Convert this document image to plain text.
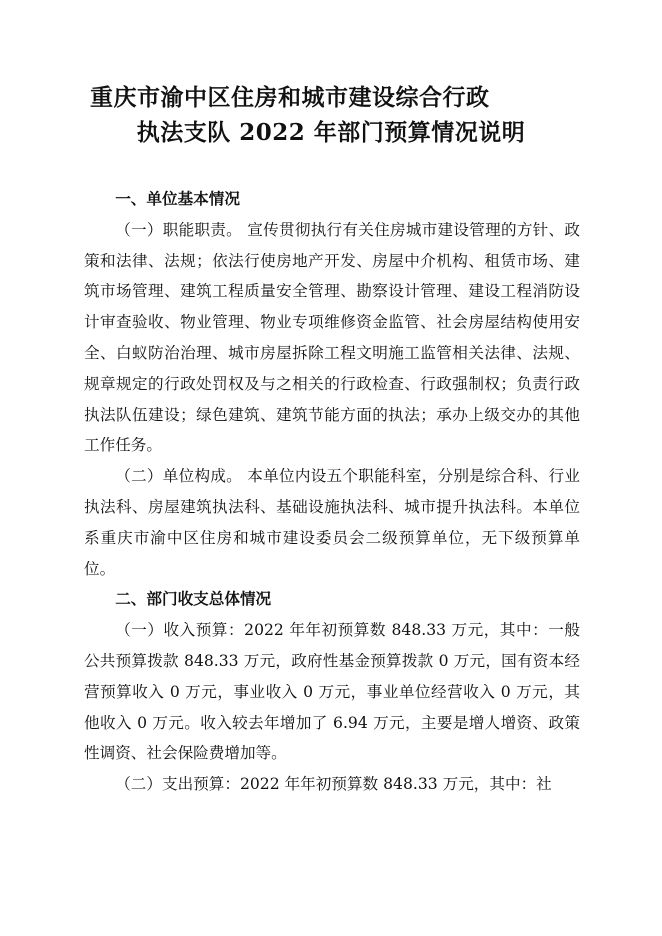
重庆市渝中区住房和城市建设综合行政
执法支队 2022 年部门预算情况说明

一、单位基本情况

（一）职能职责。 宣传贯彻执行有关住房城市建设管理的方针、政策和法律、法规；依法行使房地产开发、房屋中介机构、租赁市场、建筑市场管理、建筑工程质量安全管理、勘察设计管理、建设工程消防设计审查验收、物业管理、物业专项维修资金监管、社会房屋结构使用安全、白蚁防治治理、城市房屋拆除工程文明施工监管相关法律、法规、规章规定的行政处罚权及与之相关的行政检查、行政强制权；负责行政执法队伍建设；绿色建筑、建筑节能方面的执法；承办上级交办的其他工作任务。

（二）单位构成。 本单位内设五个职能科室，分别是综合科、行业执法科、房屋建筑执法科、基础设施执法科、城市提升执法科。本单位系重庆市渝中区住房和城市建设委员会二级预算单位，无下级预算单位。

二、部门收支总体情况

（一）收入预算：2022 年年初预算数 848.33 万元，其中：一般公共预算拨款 848.33 万元，政府性基金预算拨款 0 万元，国有资本经营预算收入 0 万元，事业收入 0 万元，事业单位经营收入 0 万元，其他收入 0 万元。收入较去年增加了 6.94 万元，主要是增人增资、政策性调资、社会保险费增加等。

（二）支出预算：2022 年年初预算数 848.33 万元，其中：社
